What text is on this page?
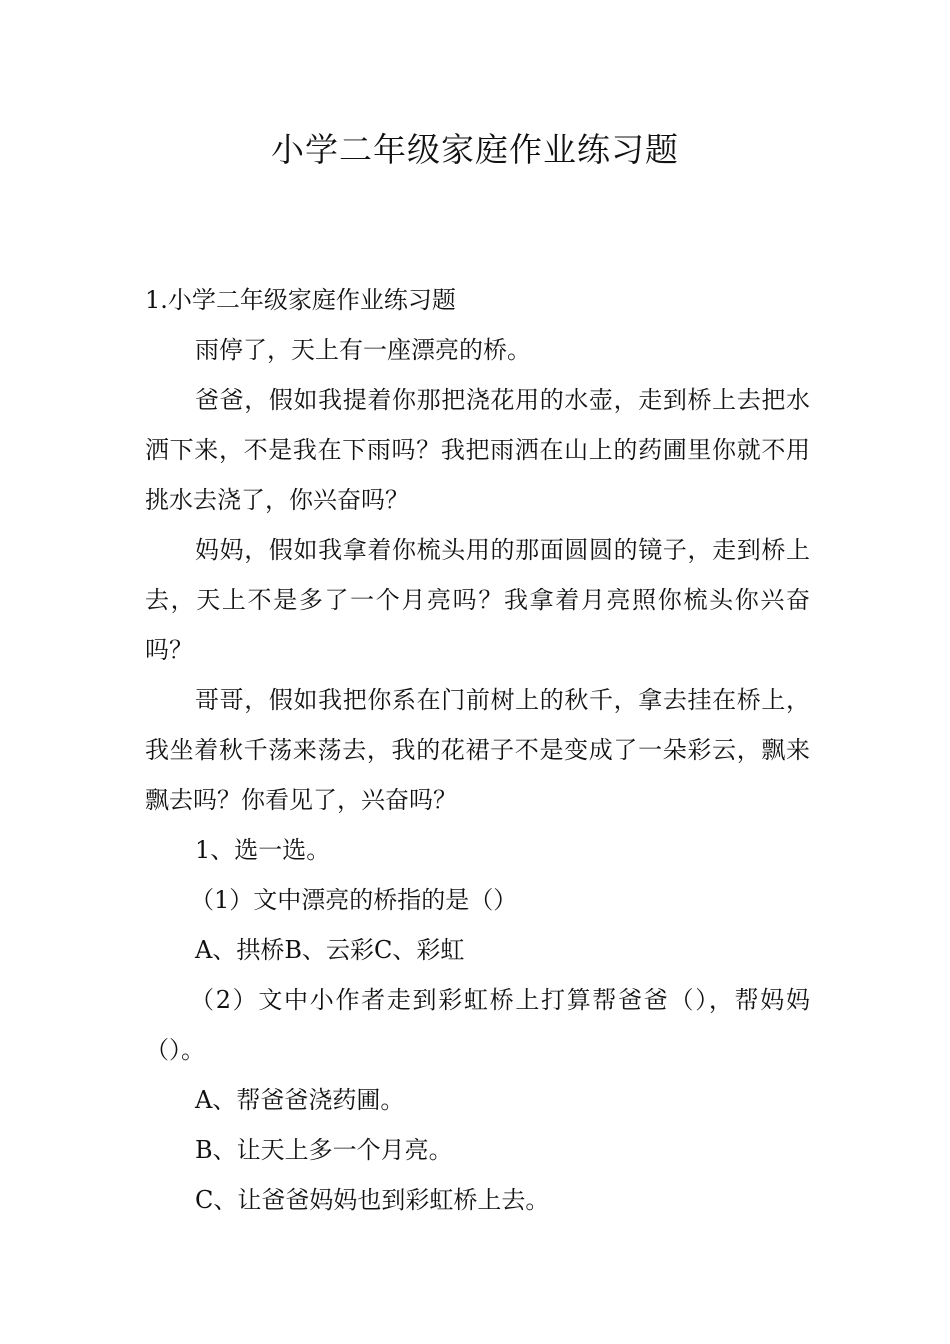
小学二年级家庭作业练习题

1.小学二年级家庭作业练习题

雨停了，天上有一座漂亮的桥。

爸爸，假如我提着你那把浇花用的水壶，走到桥上去把水洒下来，不是我在下雨吗？我把雨洒在山上的药圃里你就不用挑水去浇了，你兴奋吗？

妈妈，假如我拿着你梳头用的那面圆圆的镜子，走到桥上去，天上不是多了一个月亮吗？我拿着月亮照你梳头你兴奋吗？

哥哥，假如我把你系在门前树上的秋千，拿去挂在桥上，我坐着秋千荡来荡去，我的花裙子不是变成了一朵彩云，飘来飘去吗？你看见了，兴奋吗？

1、选一选。

（1）文中漂亮的桥指的是（）

A、拱桥B、云彩C、彩虹

（2）文中小作者走到彩虹桥上打算帮爸爸（），帮妈妈（）。

A、帮爸爸浇药圃。

B、让天上多一个月亮。

C、让爸爸妈妈也到彩虹桥上去。
